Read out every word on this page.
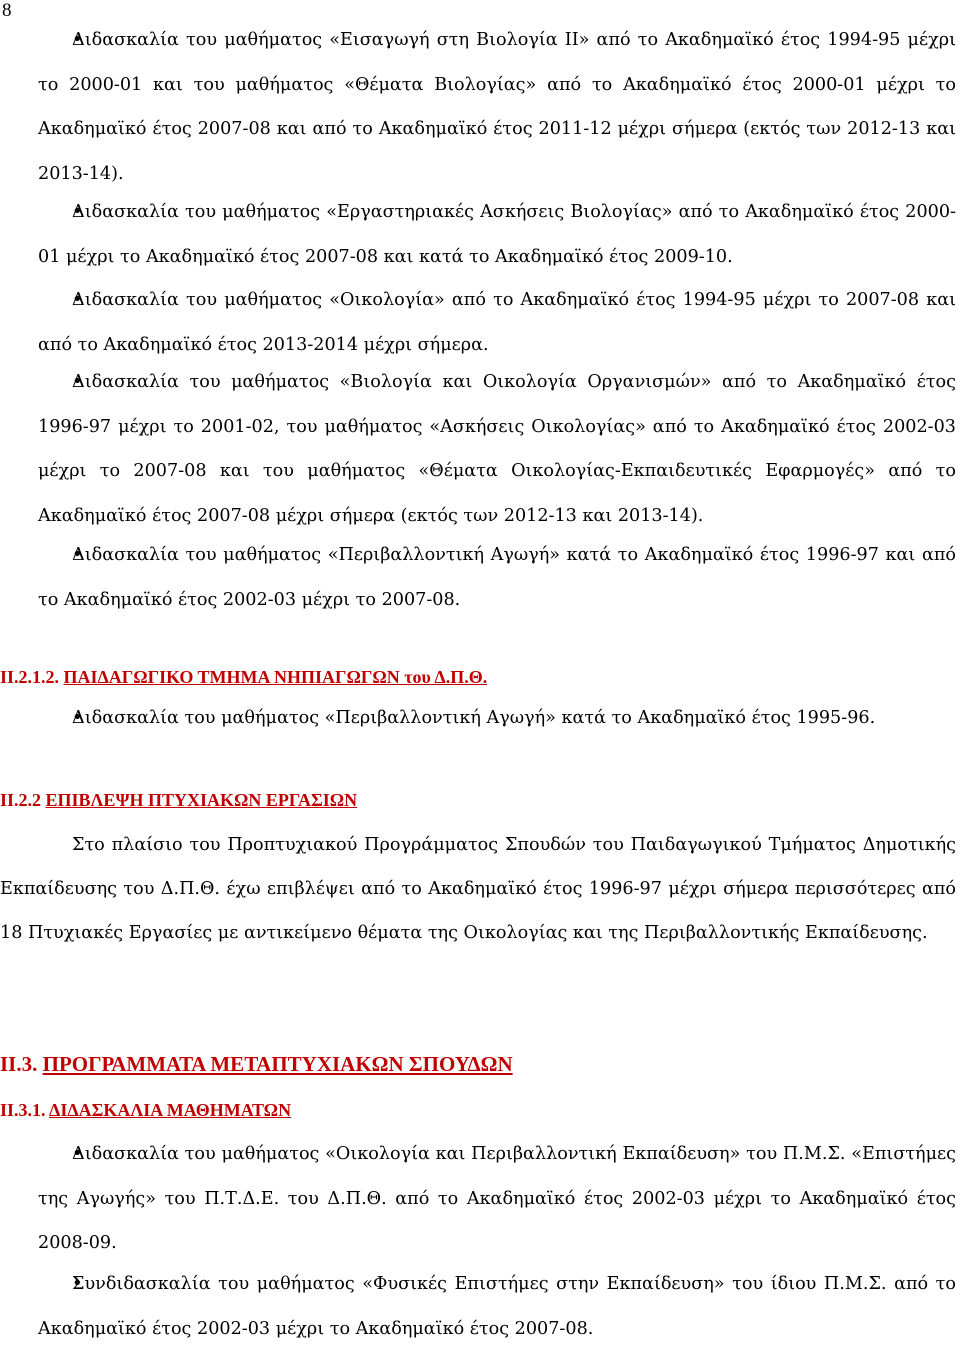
8
• Διδασκαλία του μαθήματος «Εισαγωγή στη Βιολογία ΙΙ» από το Ακαδημαϊκό έτος 1994-95 μέχρι το 2000-01 και του μαθήματος «Θέματα Βιολογίας» από το Ακαδημαϊκό έτος 2000-01 μέχρι το Ακαδημαϊκό έτος 2007-08 και από το Ακαδημαϊκό έτος 2011-12 μέχρι σήμερα (εκτός των 2012-13 και 2013-14).
• Διδασκαλία του μαθήματος «Εργαστηριακές Ασκήσεις Βιολογίας» από το Ακαδημαϊκό έτος 2000-01 μέχρι το Ακαδημαϊκό έτος 2007-08 και κατά το Ακαδημαϊκό έτος 2009-10.
• Διδασκαλία του μαθήματος «Οικολογία» από το Ακαδημαϊκό έτος 1994-95 μέχρι το 2007-08 και από το Ακαδημαϊκό έτος 2013-2014 μέχρι σήμερα.
• Διδασκαλία του μαθήματος «Βιολογία και Οικολογία Οργανισμών» από το Ακαδημαϊκό έτος 1996-97 μέχρι το 2001-02, του μαθήματος «Ασκήσεις Οικολογίας» από το Ακαδημαϊκό έτος 2002-03 μέχρι το 2007-08 και του μαθήματος «Θέματα Οικολογίας-Εκπαιδευτικές Εφαρμογές» από το Ακαδημαϊκό έτος 2007-08 μέχρι σήμερα (εκτός των 2012-13 και 2013-14).
• Διδασκαλία του μαθήματος «Περιβαλλοντική Αγωγή» κατά το Ακαδημαϊκό έτος 1996-97 και από το Ακαδημαϊκό έτος 2002-03 μέχρι το 2007-08.
ΙΙ.2.1.2. ΠΑΙΔΑΓΩΓΙΚΟ ΤΜΗΜΑ ΝΗΠΙΑΓΩΓΩΝ του Δ.Π.Θ.
• Διδασκαλία του μαθήματος «Περιβαλλοντική Αγωγή» κατά το Ακαδημαϊκό έτος 1995-96.
ΙΙ.2.2 ΕΠΙΒΛΕΨΗ ΠΤΥΧΙΑΚΩΝ ΕΡΓΑΣΙΩΝ
Στο πλαίσιο του Προπτυχιακού Προγράμματος Σπουδών του Παιδαγωγικού Τμήματος Δημοτικής Εκπαίδευσης του Δ.Π.Θ. έχω επιβλέψει από το Ακαδημαϊκό έτος 1996-97 μέχρι σήμερα περισσότερες από 18 Πτυχιακές Εργασίες με αντικείμενο θέματα της Οικολογίας και της Περιβαλλοντικής Εκπαίδευσης.
ΙΙ.3. ΠΡΟΓΡΑΜΜΑΤΑ ΜΕΤΑΠΤΥΧΙΑΚΩΝ ΣΠΟΥΔΩΝ
ΙΙ.3.1. ΔΙΔΑΣΚΑΛΙΑ ΜΑΘΗΜΑΤΩΝ
• Διδασκαλία του μαθήματος «Οικολογία και Περιβαλλοντική Εκπαίδευση» του Π.Μ.Σ. «Επιστήμες της Αγωγής» του Π.Τ.Δ.Ε. του Δ.Π.Θ. από το Ακαδημαϊκό έτος 2002-03 μέχρι το Ακαδημαϊκό έτος 2008-09.
• Συνδιδασκαλία του μαθήματος «Φυσικές Επιστήμες στην Εκπαίδευση» του ίδιου Π.Μ.Σ. από το Ακαδημαϊκό έτος 2002-03 μέχρι το Ακαδημαϊκό έτος 2007-08.
